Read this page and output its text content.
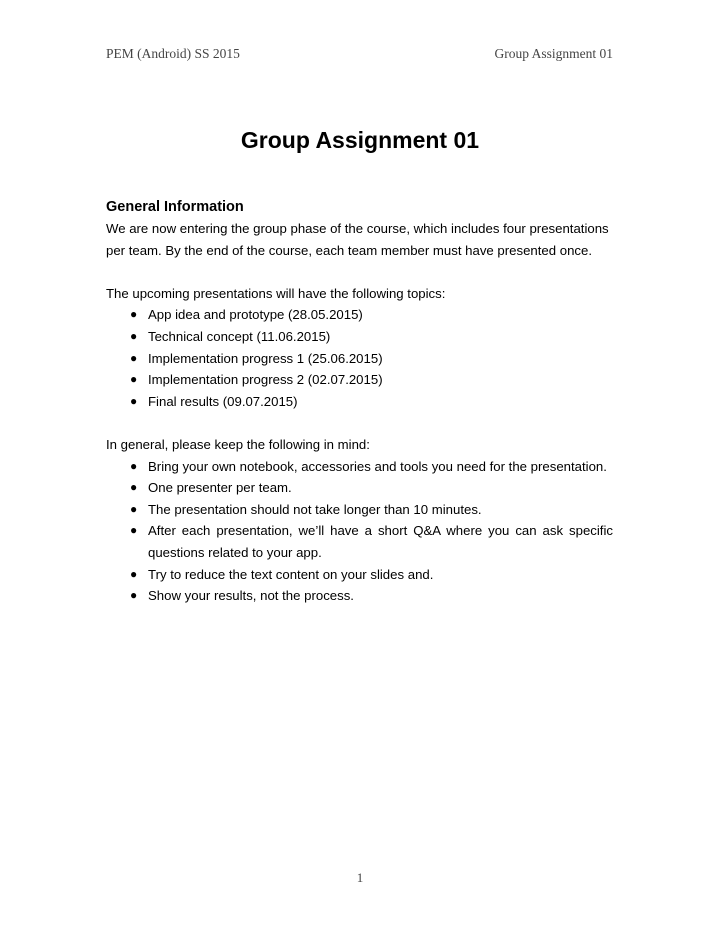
PEM (Android) SS 2015	Group Assignment 01
Group Assignment 01
General Information

We are now entering the group phase of the course, which includes four presentations per team. By the end of the course, each team member must have presented once.

The upcoming presentations will have the following topics:

● App idea and prototype (28.05.2015)
● Technical concept (11.06.2015)
● Implementation progress 1 (25.06.2015)
● Implementation progress 2 (02.07.2015)
● Final results (09.07.2015)

In general, please keep the following in mind:

● Bring your own notebook, accessories and tools you need for the presentation.
● One presenter per team.
● The presentation should not take longer than 10 minutes.
● After each presentation, we’ll have a short Q&A where you can ask specific questions related to your app.
● Try to reduce the text content on your slides and.
● Show your results, not the process.
1
